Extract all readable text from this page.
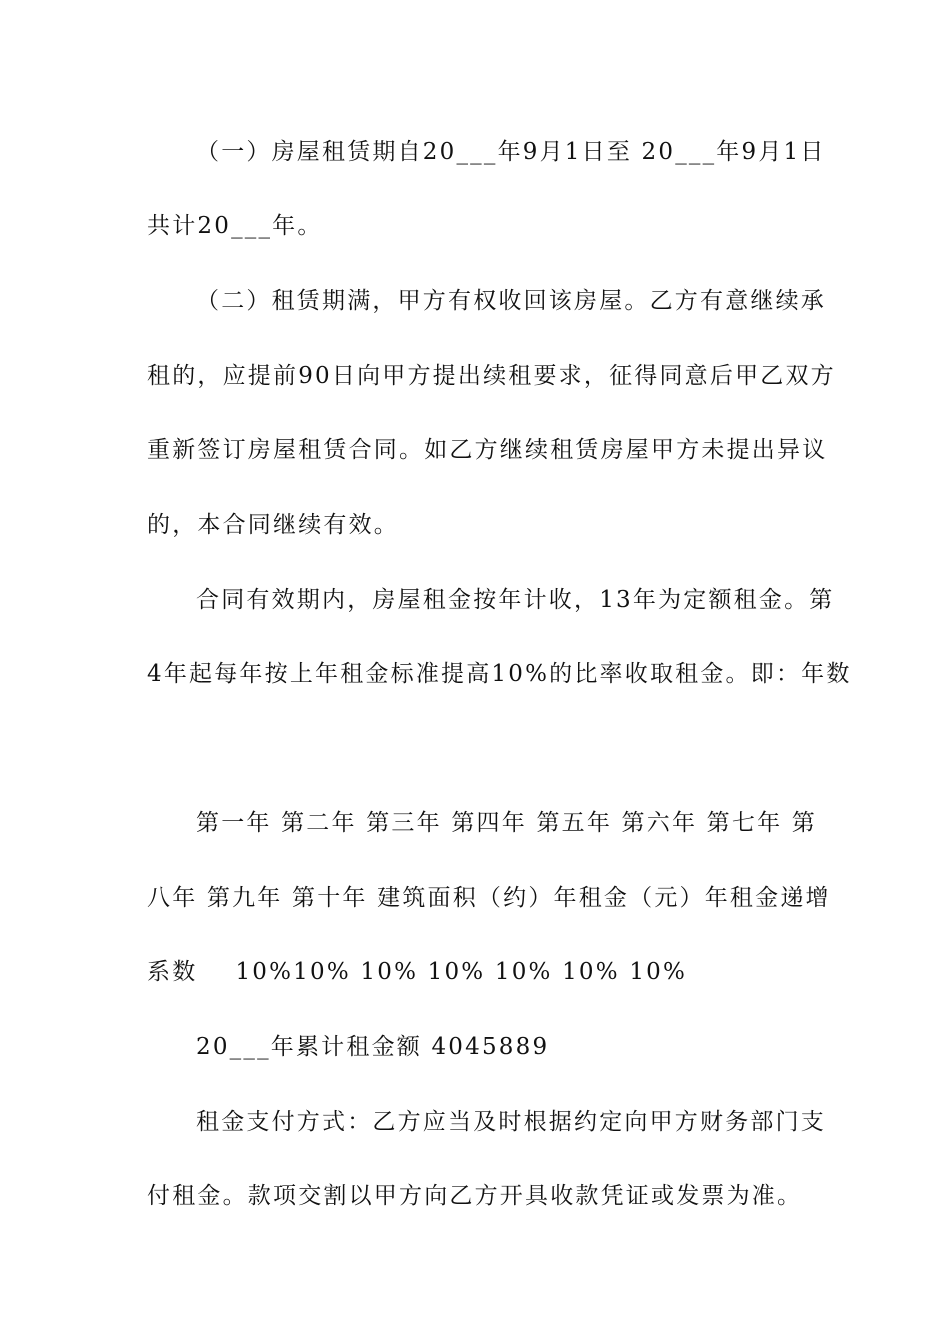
（一）房屋租赁期自20___年9月1日至 20___年9月1日
共计20___年。
（二）租赁期满，甲方有权收回该房屋。乙方有意继续承
租的，应提前90日向甲方提出续租要求，征得同意后甲乙双方
重新签订房屋租赁合同。如乙方继续租赁房屋甲方未提出异议
的，本合同继续有效。
合同有效期内，房屋租金按年计收，13年为定额租金。第
4年起每年按上年租金标准提高10%的比率收取租金。即：年数
第一年 第二年 第三年 第四年 第五年 第六年 第七年 第
八年 第九年 第十年 建筑面积（约）年租金（元）年租金递增
系数    10%10% 10% 10% 10% 10% 10%
20___年累计租金额 4045889
租金支付方式：乙方应当及时根据约定向甲方财务部门支
付租金。款项交割以甲方向乙方开具收款凭证或发票为准。
